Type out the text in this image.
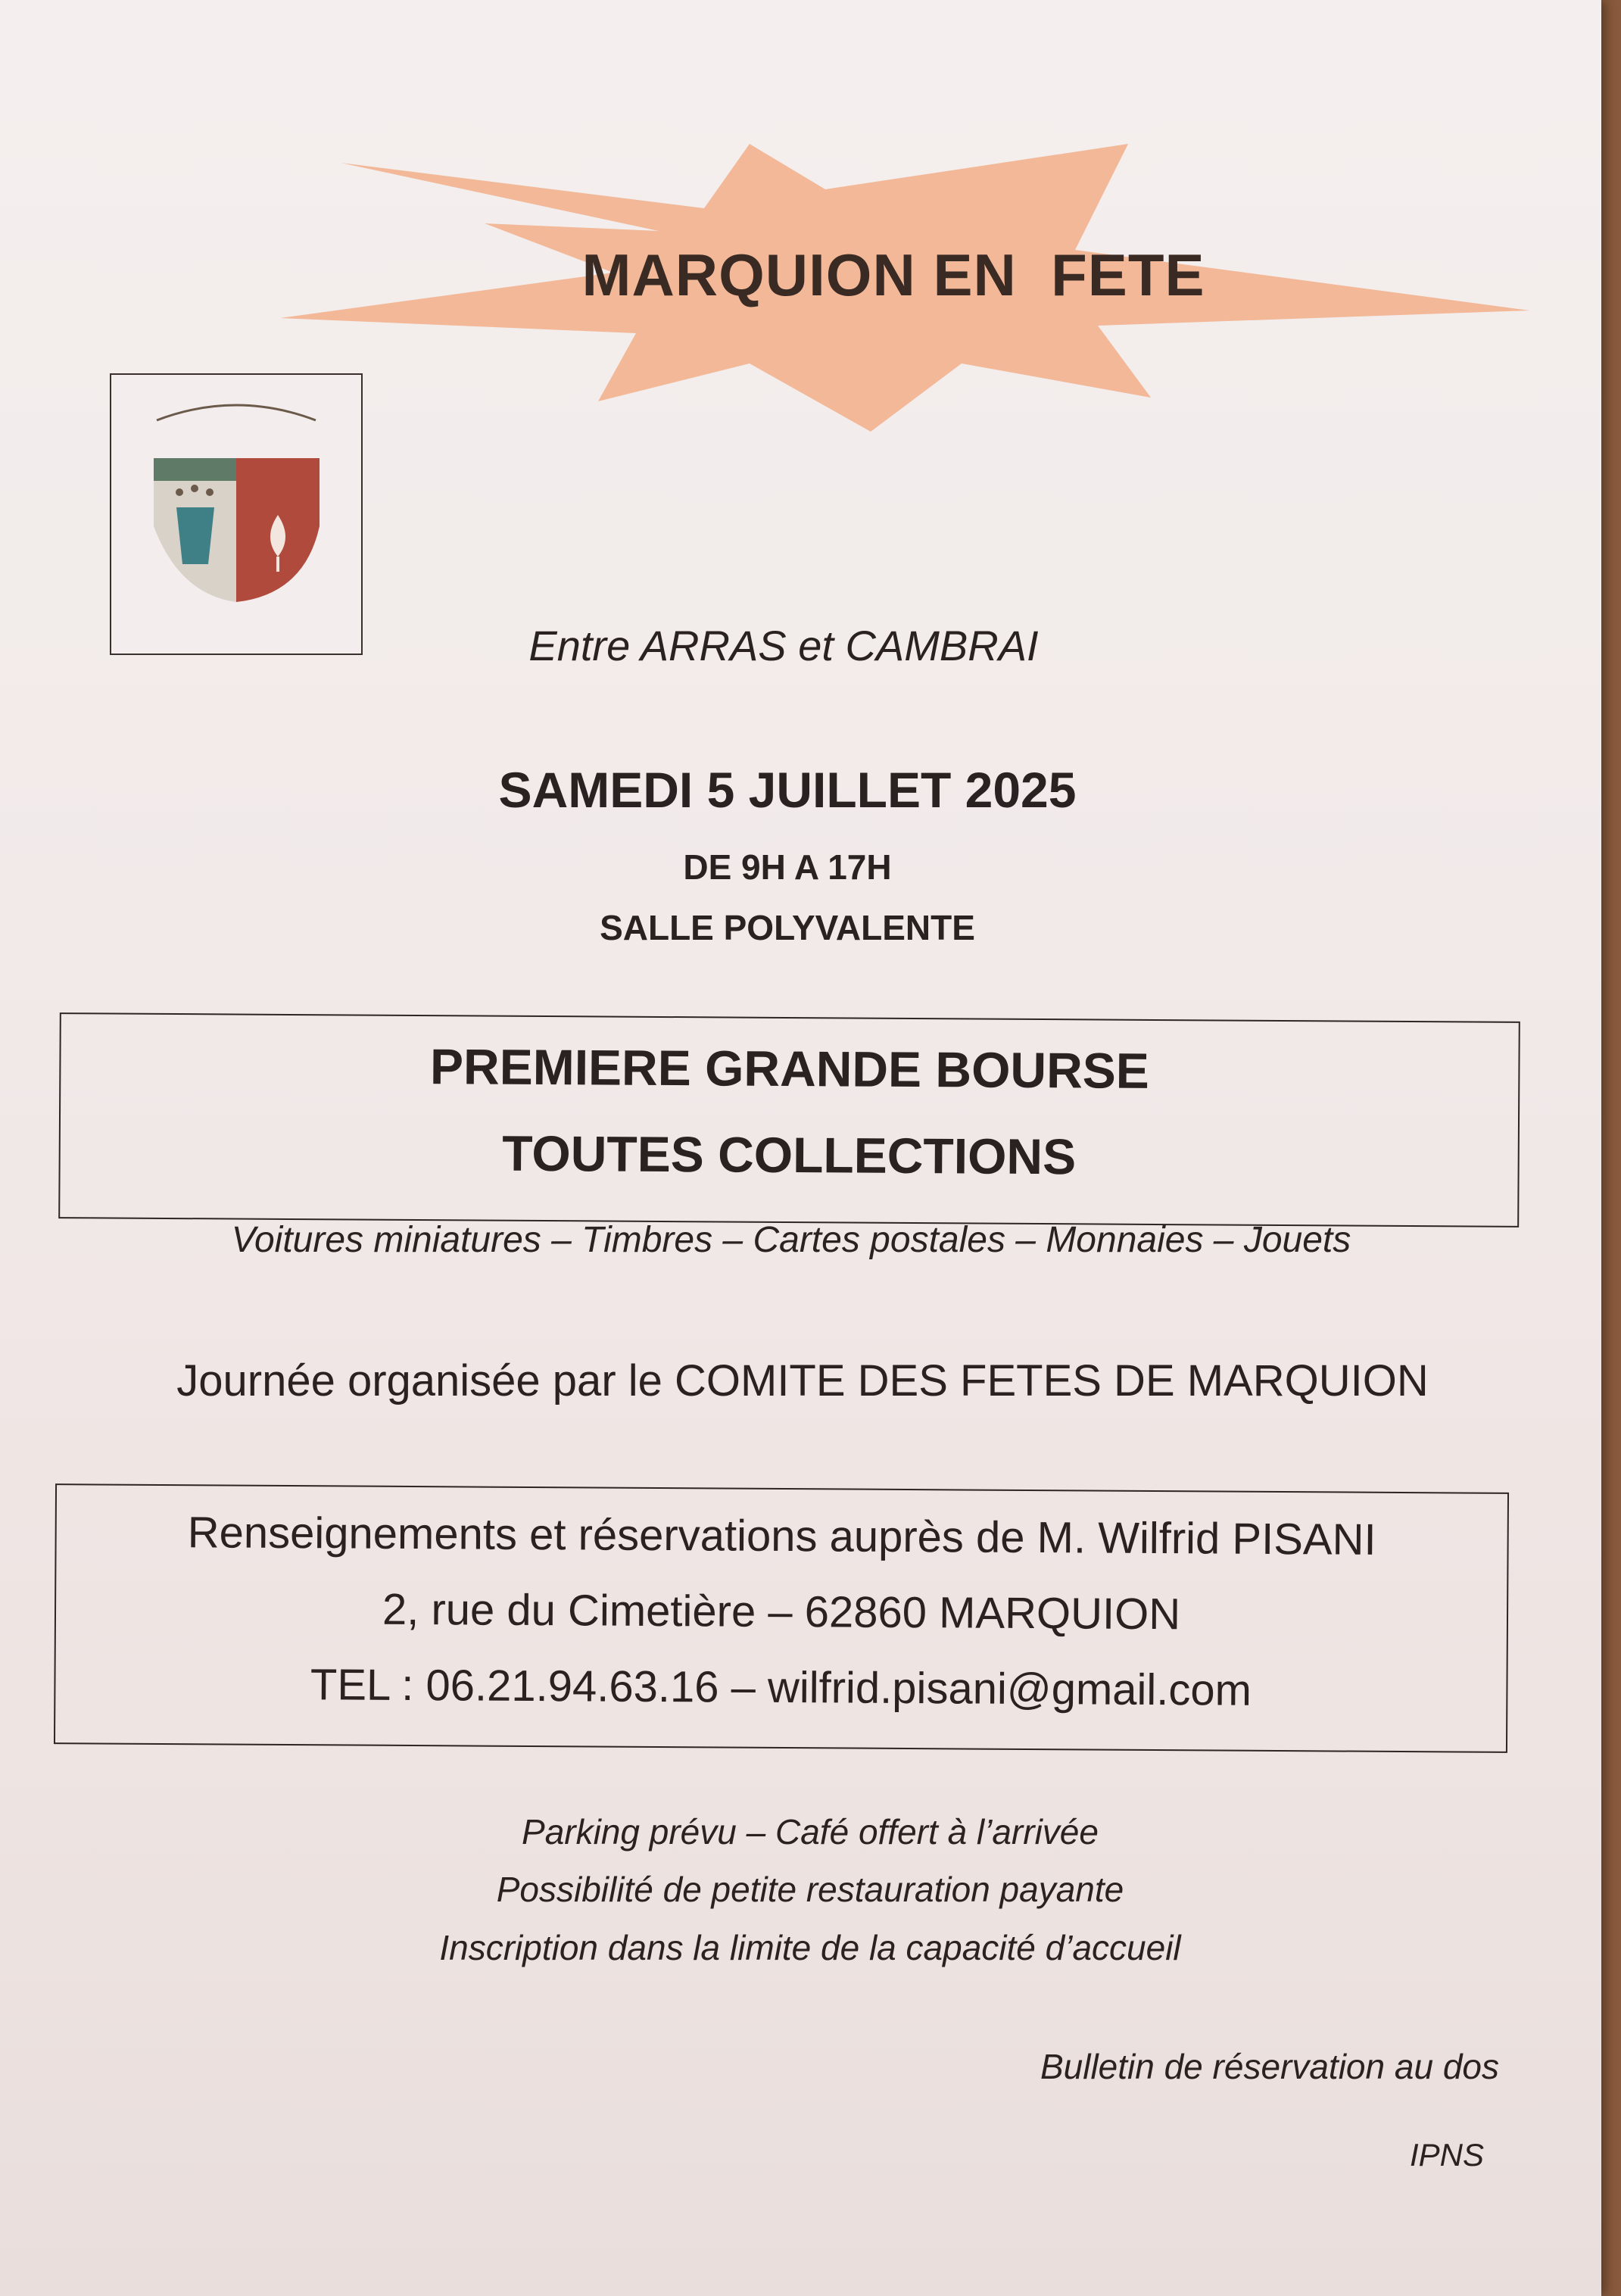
MARQUION EN  FETE
Entre ARRAS et CAMBRAI
SAMEDI 5 JUILLET 2025
DE 9H A 17H
SALLE POLYVALENTE
PREMIERE GRANDE BOURSE
TOUTES COLLECTIONS
Voitures miniatures – Timbres – Cartes postales – Monnaies – Jouets
Journée organisée par le COMITE DES FETES DE MARQUION
Renseignements et réservations auprès de M. Wilfrid PISANI
2, rue du Cimetière – 62860 MARQUION
TEL : 06.21.94.63.16 – wilfrid.pisani@gmail.com
Parking prévu – Café offert à l’arrivée
Possibilité de petite restauration payante
Inscription dans la limite de la capacité d’accueil
Bulletin de réservation au dos
IPNS
